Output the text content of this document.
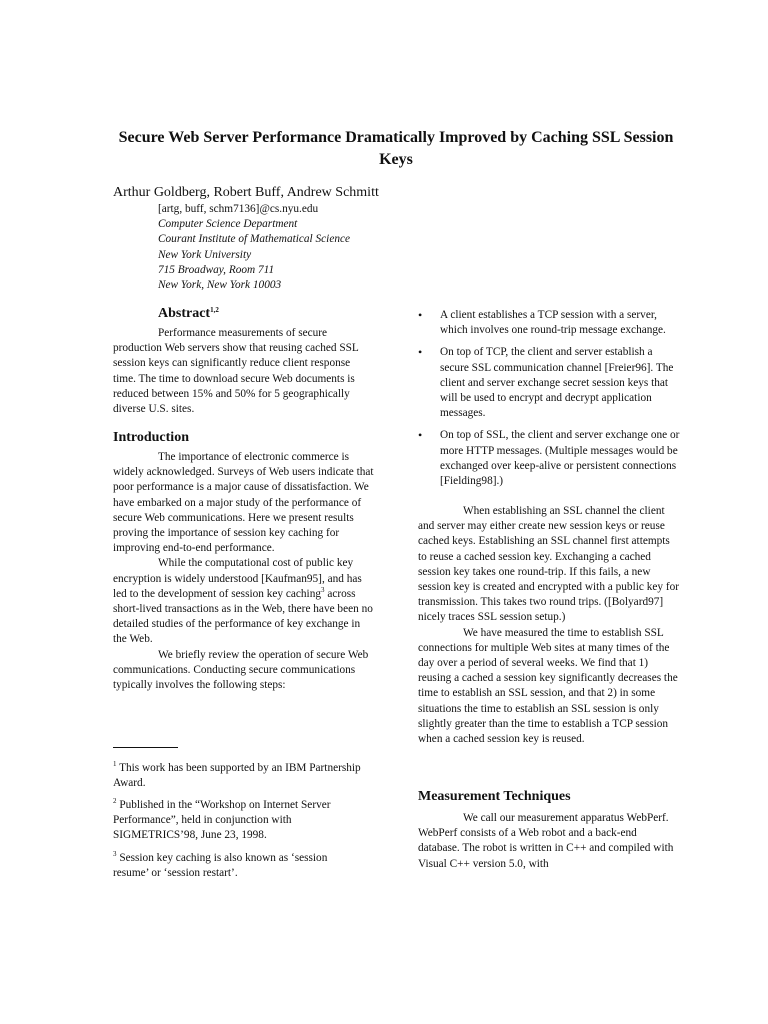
Secure Web Server Performance Dramatically Improved by Caching SSL Session Keys
Arthur Goldberg, Robert Buff, Andrew Schmitt
[artg, buff, schm7136]@cs.nyu.edu
Computer Science Department
Courant Institute of Mathematical Science
New York University
715 Broadway, Room 711
New York, New York 10003
Abstract$^{1,2}$

Performance measurements of secure production Web servers show that reusing cached SSL session keys can significantly reduce client response time. The time to download secure Web documents is reduced between 15% and 50% for 5 geographically diverse U.S. sites.

Introduction

The importance of electronic commerce is widely acknowledged. Surveys of Web users indicate that poor performance is a major cause of dissatisfaction. We have embarked on a major study of the performance of secure Web communications. Here we present results proving the importance of session key caching for improving end-to-end performance.

While the computational cost of public key encryption is widely understood [Kaufman95], and has led to the development of session key caching$^3$ across short-lived transactions as in the Web, there have been no detailed studies of the performance of key exchange in the Web.

We briefly review the operation of secure Web communications. Conducting secure communications typically involves the following steps:

$^1$ This work has been supported by an IBM Partnership Award.
$^2$ Published in the “Workshop on Internet Server Performance”, held in conjunction with SIGMETRICS’98, June 23, 1998.
$^3$ Session key caching is also known as ‘session resume’ or ‘session restart’.
•	A client establishes a TCP session with a server, which involves one round-trip message exchange.
•	On top of TCP, the client and server establish a secure SSL communication channel [Freier96]. The client and server exchange secret session keys that will be used to encrypt and decrypt application messages.
•	On top of SSL, the client and server exchange one or more HTTP messages. (Multiple messages would be exchanged over keep-alive or persistent connections [Fielding98].)

When establishing an SSL channel the client and server may either create new session keys or reuse cached keys. Establishing an SSL channel first attempts to reuse a cached session key. Exchanging a cached session key takes one round-trip. If this fails, a new session key is created and encrypted with a public key for transmission. This takes two round trips. ([Bolyard97] nicely traces SSL session setup.)

We have measured the time to establish SSL connections for multiple Web sites at many times of the day over a period of several weeks. We find that 1) reusing a cached a session key significantly decreases the time to establish an SSL session, and that 2) in some situations the time to establish an SSL session is only slightly greater than the time to establish a TCP session when a cached session key is reused.

Measurement Techniques

We call our measurement apparatus WebPerf. WebPerf consists of a Web robot and a back-end database. The robot is written in C++ and compiled with Visual C++ version 5.0, with
